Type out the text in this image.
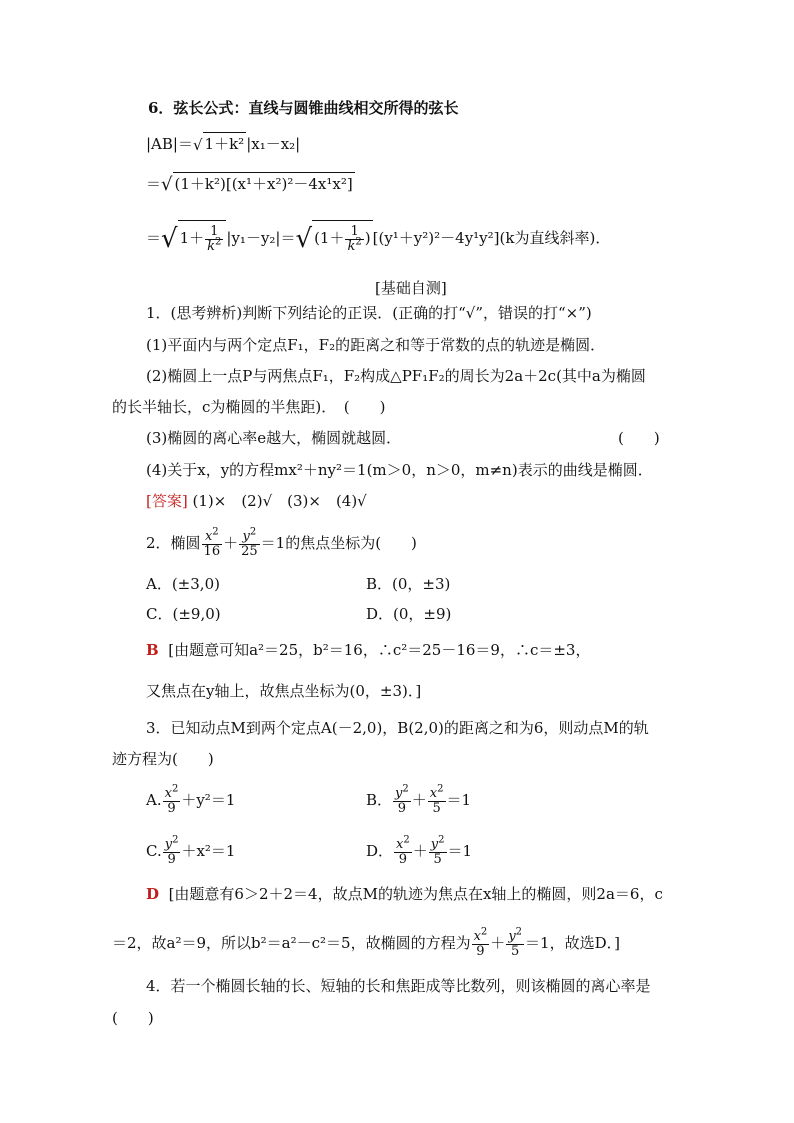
6．弦长公式：直线与圆锥曲线相交所得的弦长
|AB|＝√ 1＋k² |x₁－x₂|
＝√ (1＋k²)[(x¹＋x²)²－4x¹x²]
＝√ $1+ \frac{1}{k^2} |y_1-y_2|=√$ ($1+ \frac{1}{k^2}$ ) [(y¹＋y²)²－4y¹y²](k为直线斜率)．
[基础自测]
1．(思考辨析)判断下列结论的正误．(正确的打“√”，错误的打“×”)
(1)平面内与两个定点F₁，F₂的距离之和等于常数的点的轨迹是椭圆．
(2)椭圆上一点P与两焦点F₁，F₂构成△PF₁F₂的周长为2a＋2c(其中a为椭圆
的长半轴长，c为椭圆的半焦距)．　(　　)
(3)椭圆的离心率e越大，椭圆就越圆．	(　　)
(4)关于x，y的方程mx²＋ny²＝1(m＞0，n＞0，m≠n)表示的曲线是椭圆．
[答案] (1)×　(2)√　(3)×　(4)√
2．椭圆 $\frac{x^2}{16} + \frac{y^2}{25} =1$的焦点坐标为(　　)
A．(±3,0)	B．(0，±3)
C．(±9,0)	D．(0，±9)
B [由题意可知a²＝25，b²＝16，∴c²＝25－16＝9，∴c＝±3，
又焦点在y轴上，故焦点坐标为(0，±3)．]
3．已知动点M到两个定点A(－2,0)，B(2,0)的距离之和为6，则动点M的轨
迹方程为(　　)
A. $\frac{x^2}{9} +y^2=1$	B． $\frac{y^2}{9} + \frac{x^2}{5} =1$
C. $\frac{y^2}{9} +x^2=1$	D． $\frac{x^2}{9} + \frac{y^2}{5} =1$
D [由题意有6＞2＋2＝4，故点M的轨迹为焦点在x轴上的椭圆，则2a＝6，c
＝2，故a²＝9，所以b²＝a²－c²＝5，故椭圆的方程为 $\frac{x^2}{9} + \frac{y^2}{5} =1$，故选D．]
4．若一个椭圆长轴的长、短轴的长和焦距成等比数列，则该椭圆的离心率是
(　　)
